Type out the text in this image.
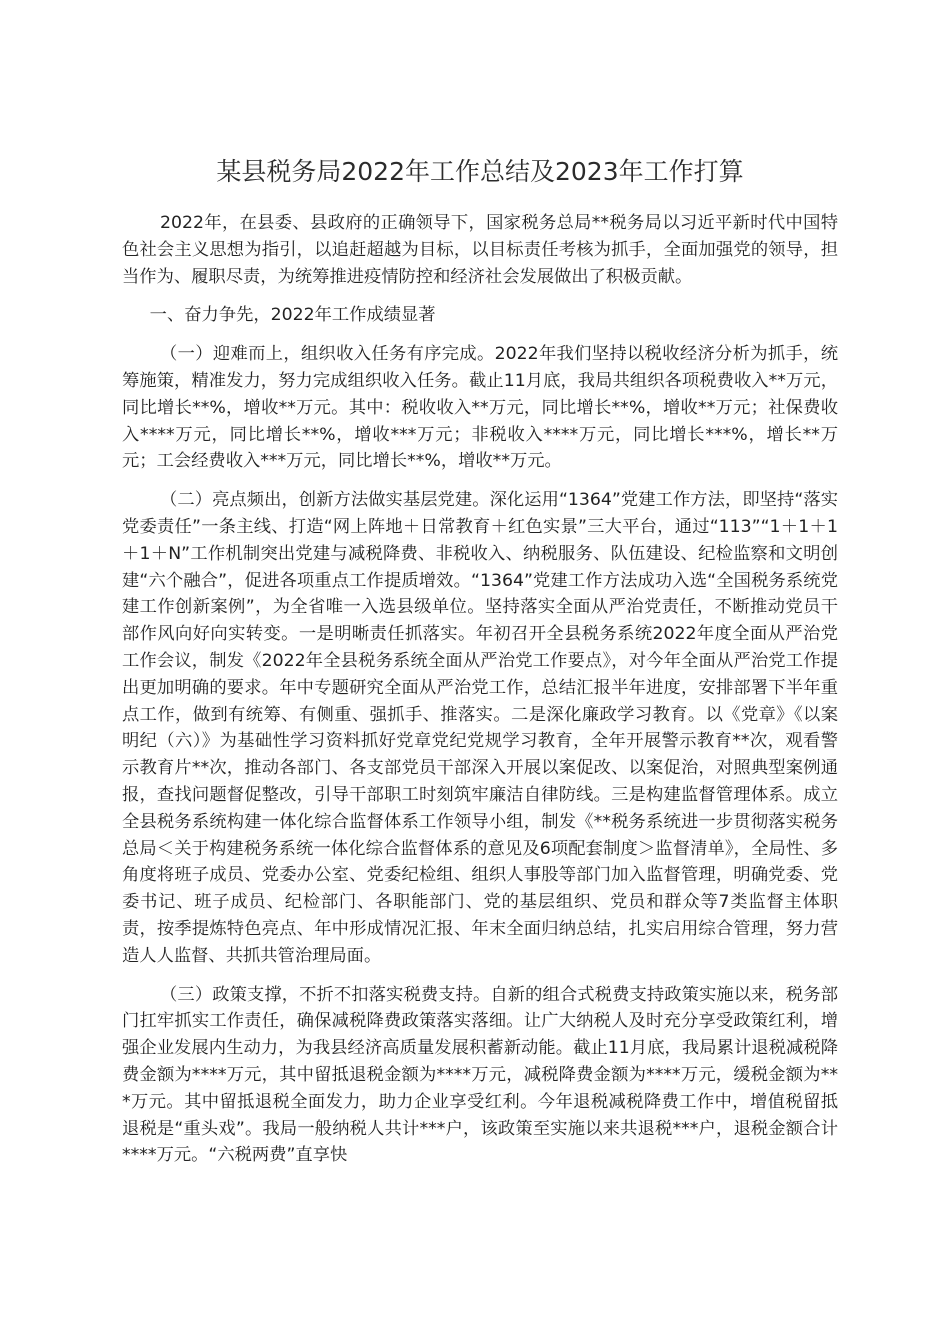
某县税务局2022年工作总结及2023年工作打算

2022年，在县委、县政府的正确领导下，国家税务总局**税务局以习近平新时代中国特色社会主义思想为指引，以追赶超越为目标，以目标责任考核为抓手，全面加强党的领导，担当作为、履职尽责，为统筹推进疫情防控和经济社会发展做出了积极贡献。

一、奋力争先，2022年工作成绩显著

（一）迎难而上，组织收入任务有序完成。2022年我们坚持以税收经济分析为抓手，统筹施策，精准发力，努力完成组织收入任务。截止11月底，我局共组织各项税费收入**万元，同比增长**%，增收**万元。其中：税收收入**万元，同比增长**%，增收**万元；社保费收入****万元，同比增长**%，增收***万元；非税收入****万元，同比增长***%，增长**万元；工会经费收入***万元，同比增长**%，增收**万元。

（二）亮点频出，创新方法做实基层党建。深化运用“1364”党建工作方法，即坚持“落实党委责任”一条主线、打造“网上阵地＋日常教育＋红色实景”三大平台，通过“113”“1＋1＋1＋1＋N”工作机制突出党建与减税降费、非税收入、纳税服务、队伍建设、纪检监察和文明创建“六个融合”，促进各项重点工作提质增效。“1364”党建工作方法成功入选“全国税务系统党建工作创新案例”，为全省唯一入选县级单位。坚持落实全面从严治党责任，不断推动党员干部作风向好向实转变。一是明晰责任抓落实。年初召开全县税务系统2022年度全面从严治党工作会议，制发《2022年全县税务系统全面从严治党工作要点》，对今年全面从严治党工作提出更加明确的要求。年中专题研究全面从严治党工作，总结汇报半年进度，安排部署下半年重点工作，做到有统筹、有侧重、强抓手、推落实。二是深化廉政学习教育。以《党章》《以案明纪（六）》为基础性学习资料抓好党章党纪党规学习教育，全年开展警示教育**次，观看警示教育片**次，推动各部门、各支部党员干部深入开展以案促改、以案促治，对照典型案例通报，查找问题督促整改，引导干部职工时刻筑牢廉洁自律防线。三是构建监督管理体系。成立全县税务系统构建一体化综合监督体系工作领导小组，制发《**税务系统进一步贯彻落实税务总局＜关于构建税务系统一体化综合监督体系的意见及6项配套制度＞监督清单》，全局性、多角度将班子成员、党委办公室、党委纪检组、组织人事股等部门加入监督管理，明确党委、党委书记、班子成员、纪检部门、各职能部门、党的基层组织、党员和群众等7类监督主体职责，按季提炼特色亮点、年中形成情况汇报、年末全面归纳总结，扎实启用综合管理，努力营造人人监督、共抓共管治理局面。

（三）政策支撑，不折不扣落实税费支持。自新的组合式税费支持政策实施以来，税务部门扛牢抓实工作责任，确保减税降费政策落实落细。让广大纳税人及时充分享受政策红利，增强企业发展内生动力，为我县经济高质量发展积蓄新动能。截止11月底，我局累计退税减税降费金额为****万元，其中留抵退税金额为****万元，减税降费金额为****万元，缓税金额为***万元。其中留抵退税全面发力，助力企业享受红利。今年退税减税降费工作中，增值税留抵退税是“重头戏”。我局一般纳税人共计***户，该政策至实施以来共退税***户，退税金额合计****万元。“六税两费”直享快
